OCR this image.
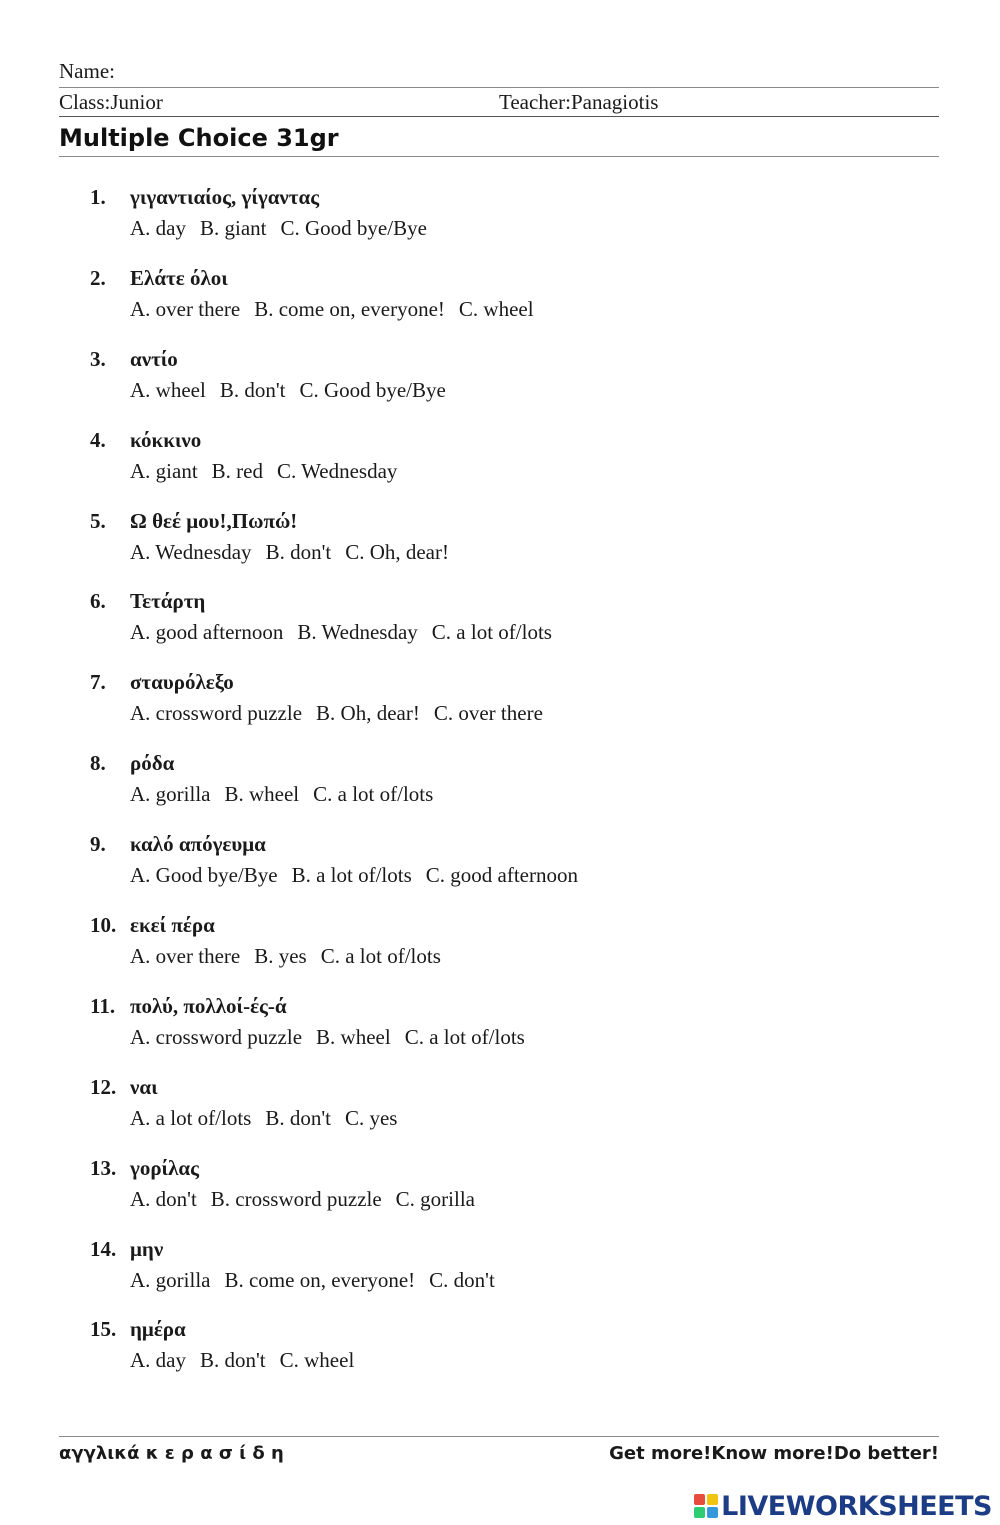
Name:
Class:Junior	Teacher:Panagiotis
Multiple Choice 31gr
1.	γιγαντιαίος, γίγαντας
A. day B. giant C. Good bye/Bye
2.	Ελάτε όλοι
A. over there B. come on, everyone! C. wheel
3.	αντίο
A. wheel B. don't C. Good bye/Bye
4.	κόκκινο
A. giant B. red C. Wednesday
5.	Ω θεέ μου!,Πωπώ!
A. Wednesday B. don't C. Oh, dear!
6.	Τετάρτη
A. good afternoon B. Wednesday C. a lot of/lots
7.	σταυρόλεξο
A. crossword puzzle B. Oh, dear! C. over there
8.	ρόδα
A. gorilla B. wheel C. a lot of/lots
9.	καλό απόγευμα
A. Good bye/Bye B. a lot of/lots C. good afternoon
10. εκεί πέρα
A. over there B. yes C. a lot of/lots
11. πολύ, πολλοί-ές-ά
A. crossword puzzle B. wheel C. a lot of/lots
12. ναι
A. a lot of/lots B. don't C. yes
13. γορίλας
A. don't B. crossword puzzle C. gorilla
14. μην
A. gorilla B. come on, everyone! C. don't
15. ημέρα
A. day B. don't C. wheel
αγγλικά κ ε ρ α σ ί δ η	Get more!Know more!Do better!
LIVEWORKSHEETS
